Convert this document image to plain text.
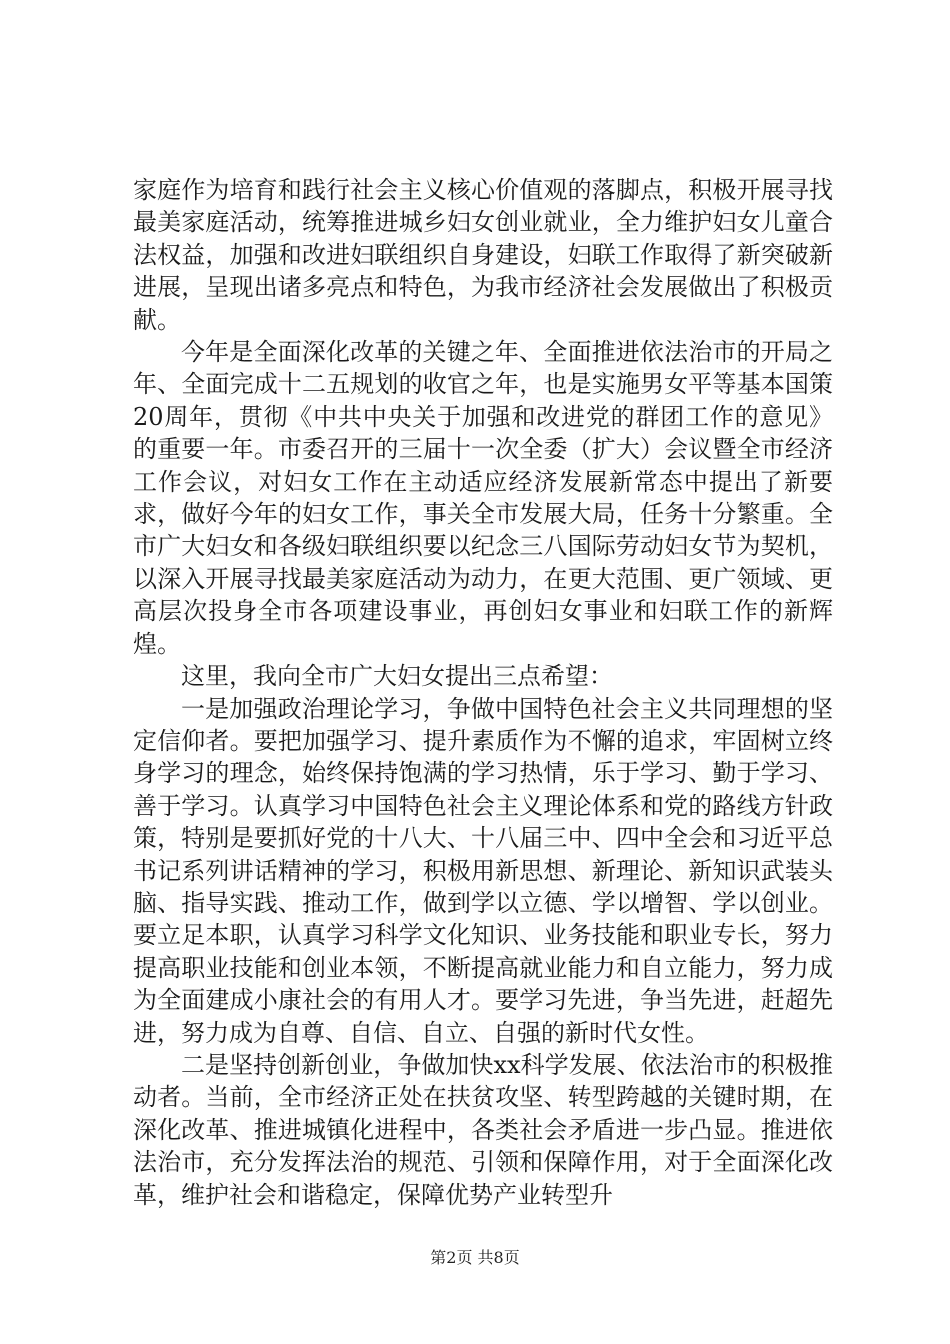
家庭作为培育和践行社会主义核心价值观的落脚点，积极开展寻找最美家庭活动，统筹推进城乡妇女创业就业，全力维护妇女儿童合法权益，加强和改进妇联组织自身建设，妇联工作取得了新突破新进展，呈现出诸多亮点和特色，为我市经济社会发展做出了积极贡献。

今年是全面深化改革的关键之年、全面推进依法治市的开局之年、全面完成十二五规划的收官之年，也是实施男女平等基本国策20周年，贯彻《中共中央关于加强和改进党的群团工作的意见》的重要一年。市委召开的三届十一次全委（扩大）会议暨全市经济工作会议，对妇女工作在主动适应经济发展新常态中提出了新要求，做好今年的妇女工作，事关全市发展大局，任务十分繁重。全市广大妇女和各级妇联组织要以纪念三八国际劳动妇女节为契机，以深入开展寻找最美家庭活动为动力，在更大范围、更广领域、更高层次投身全市各项建设事业，再创妇女事业和妇联工作的新辉煌。

这里，我向全市广大妇女提出三点希望：

一是加强政治理论学习，争做中国特色社会主义共同理想的坚定信仰者。要把加强学习、提升素质作为不懈的追求，牢固树立终身学习的理念，始终保持饱满的学习热情，乐于学习、勤于学习、善于学习。认真学习中国特色社会主义理论体系和党的路线方针政策，特别是要抓好党的十八大、十八届三中、四中全会和习近平总书记系列讲话精神的学习，积极用新思想、新理论、新知识武装头脑、指导实践、推动工作，做到学以立德、学以增智、学以创业。要立足本职，认真学习科学文化知识、业务技能和职业专长，努力提高职业技能和创业本领，不断提高就业能力和自立能力，努力成为全面建成小康社会的有用人才。要学习先进，争当先进，赶超先进，努力成为自尊、自信、自立、自强的新时代女性。

二是坚持创新创业，争做加快xx科学发展、依法治市的积极推动者。当前，全市经济正处在扶贫攻坚、转型跨越的关键时期，在深化改革、推进城镇化进程中，各类社会矛盾进一步凸显。推进依法治市，充分发挥法治的规范、引领和保障作用，对于全面深化改革，维护社会和谐稳定，保障优势产业转型升

第2页 共8页
